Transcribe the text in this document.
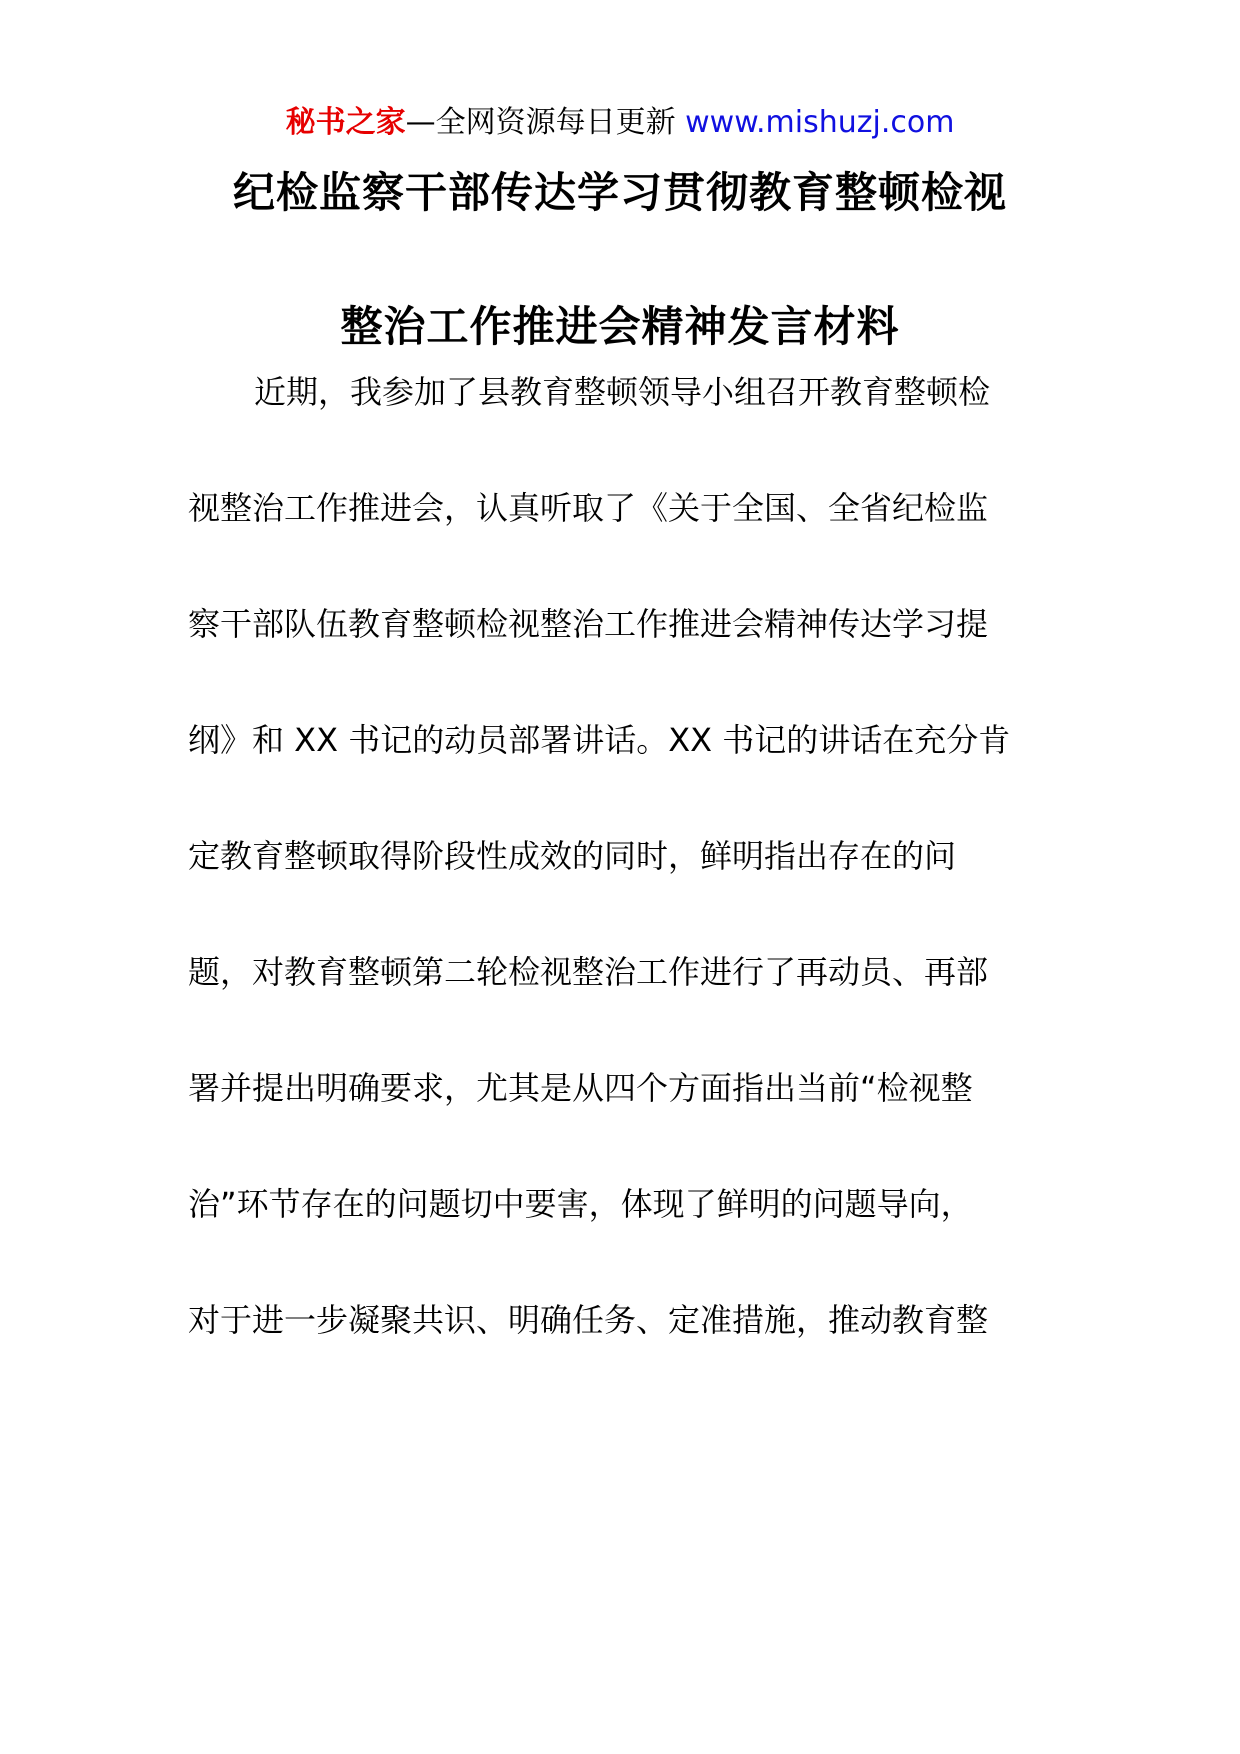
秘书之家—全网资源每日更新 www.mishuzj.com
纪检监察干部传达学习贯彻教育整顿检视
整治工作推进会精神发言材料
近期，我参加了县教育整顿领导小组召开教育整顿检
视整治工作推进会，认真听取了《关于全国、全省纪检监
察干部队伍教育整顿检视整治工作推进会精神传达学习提
纲》和 XX 书记的动员部署讲话。XX 书记的讲话在充分肯
定教育整顿取得阶段性成效的同时，鲜明指出存在的问
题，对教育整顿第二轮检视整治工作进行了再动员、再部
署并提出明确要求，尤其是从四个方面指出当前“检视整
治”环节存在的问题切中要害，体现了鲜明的问题导向，
对于进一步凝聚共识、明确任务、定准措施，推动教育整
